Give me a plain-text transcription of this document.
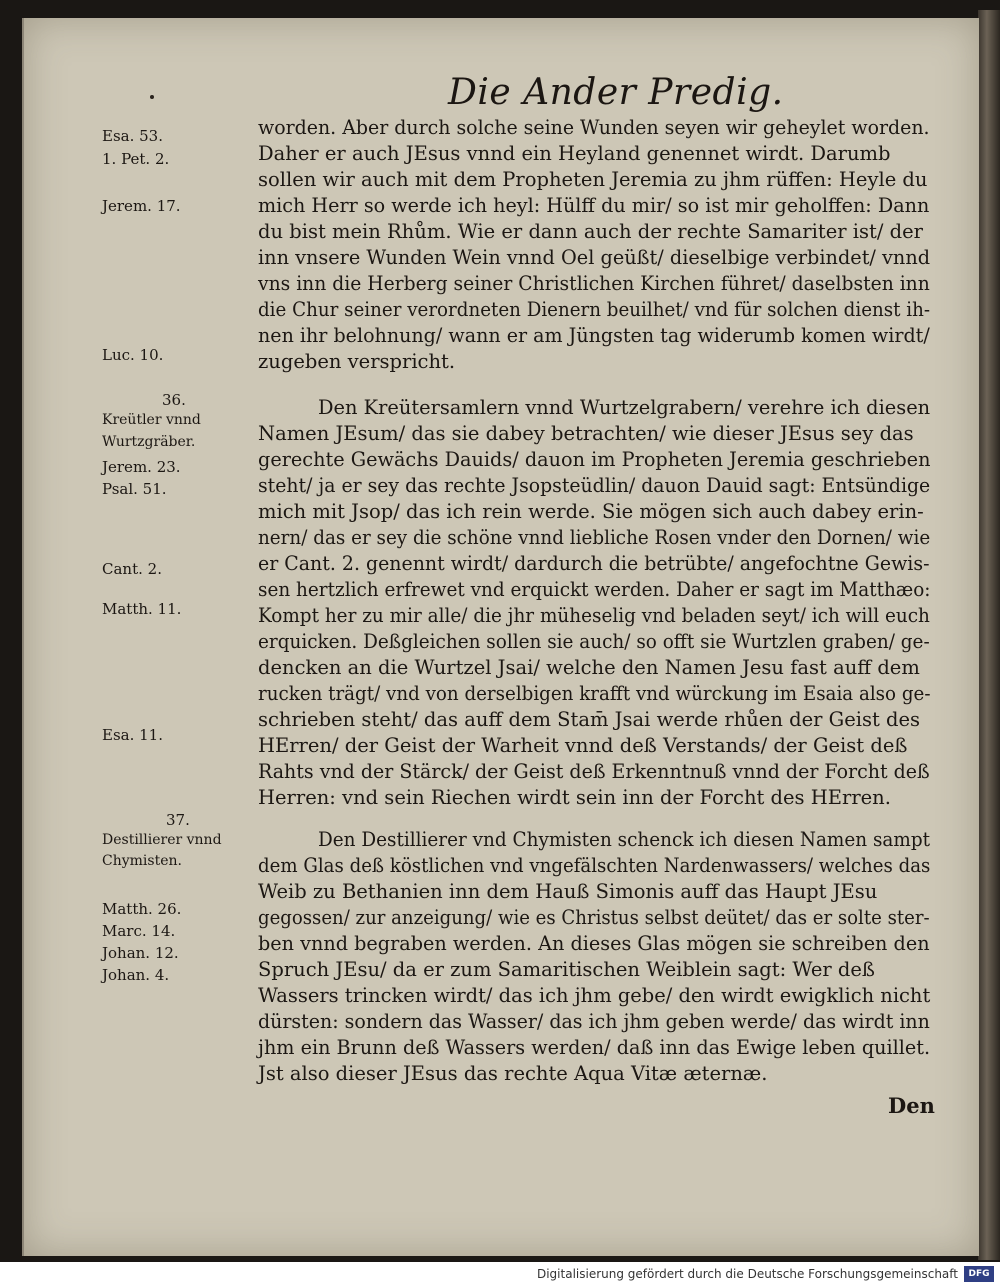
Die Ander Predig.
worden. Aber durch solche seine Wunden seyen wir geheylet worden.
Daher er auch JEsus vnnd ein Heyland genennet wirdt. Darumb
sollen wir auch mit dem Propheten Jeremia zu jhm rüffen: Heyle du
mich Herr so werde ich heyl: Hülff du mir/ so ist mir geholffen: Dann
du bist mein Rhům. Wie er dann auch der rechte Samariter ist/ der
inn vnsere Wunden Wein vnnd Oel geüßt/ dieselbige verbindet/ vnnd
vns inn die Herberg seiner Christlichen Kirchen führet/ daselbsten inn
die Chur seiner verordneten Dienern beuilhet/ vnd für solchen dienst ih-
nen ihr belohnung/ wann er am Jüngsten tag widerumb komen wirdt/
zugeben verspricht.
Den Kreütersamlern vnnd Wurtzelgrabern/ verehre ich diesen
Namen JEsum/ das sie dabey betrachten/ wie dieser JEsus sey das
gerechte Gewächs Dauids/ dauon im Propheten Jeremia geschrieben
steht/ ja er sey das rechte Jsopsteüdlin/ dauon Dauid sagt: Entsündige
mich mit Jsop/ das ich rein werde. Sie mögen sich auch dabey erin-
nern/ das er sey die schöne vnnd liebliche Rosen vnder den Dornen/ wie
er Cant. 2. genennt wirdt/ dardurch die betrübte/ angefochtne Gewis-
sen hertzlich erfrewet vnd erquickt werden. Daher er sagt im Matthæo:
Kompt her zu mir alle/ die jhr müheselig vnd beladen seyt/ ich will euch
erquicken. Deßgleichen sollen sie auch/ so offt sie Wurtzlen graben/ ge-
dencken an die Wurtzel Jsai/ welche den Namen Jesu fast auff dem
rucken trägt/ vnd von derselbigen krafft vnd würckung im Esaia also ge-
schrieben steht/ das auff dem Stam̄ Jsai werde rhůen der Geist des
HErren/ der Geist der Warheit vnnd deß Verstands/ der Geist deß
Rahts vnd der Stärck/ der Geist deß Erkenntnuß vnnd der Forcht deß
Herren: vnd sein Riechen wirdt sein inn der Forcht des HErren.
Den Destillierer vnd Chymisten schenck ich diesen Namen sampt
dem Glas deß köstlichen vnd vngefälschten Nardenwassers/ welches das
Weib zu Bethanien inn dem Hauß Simonis auff das Haupt JEsu
gegossen/ zur anzeigung/ wie es Christus selbst deütet/ das er solte ster-
ben vnnd begraben werden. An dieses Glas mögen sie schreiben den
Spruch JEsu/ da er zum Samaritischen Weiblein sagt: Wer deß
Wassers trincken wirdt/ das ich jhm gebe/ den wirdt ewigklich nicht
dürsten: sondern das Wasser/ das ich jhm geben werde/ das wirdt inn
jhm ein Brunn deß Wassers werden/ daß inn das Ewige leben quillet.
Jst also dieser JEsus das rechte Aqua Vitæ æternæ.
Esa. 53.
1. Pet. 2.
Jerem. 17.
Luc. 10.
36.
Kreütler vnnd
Wurtzgräber.
Jerem. 23.
Psal. 51.
Cant. 2.
Matth. 11.
Esa. 11.
37.
Destillierer vnnd
Chymisten.
Matth. 26.
Marc. 14.
Johan. 12.
Johan. 4.
Den
Digitalisierung gefördert durch die Deutsche Forschungsgemeinschaft	DFG
